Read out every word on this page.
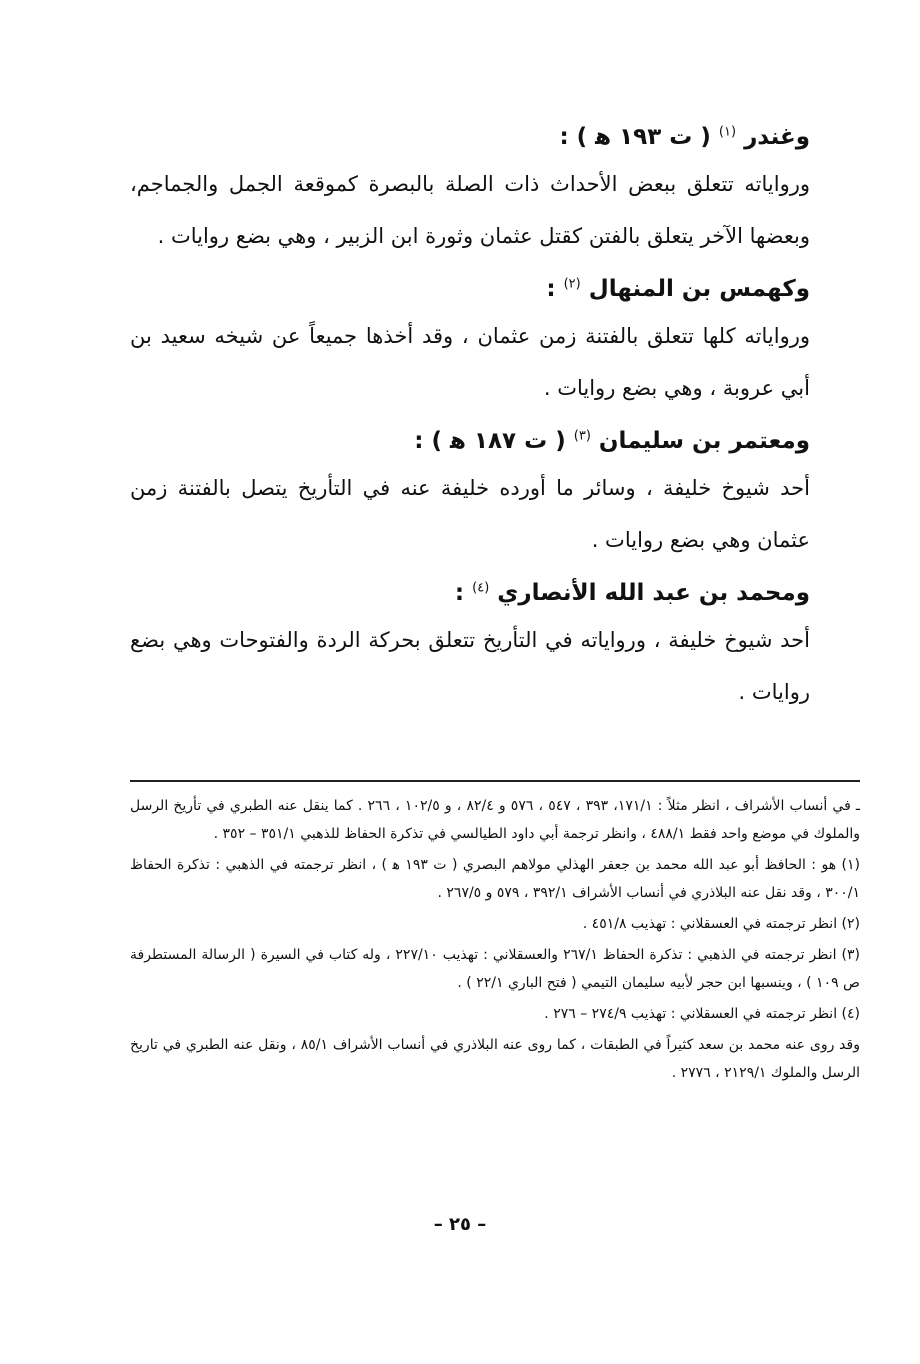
وغندر $^{(١)}$ ( ت ١٩٣ ﻫ ) :

ورواياته تتعلق ببعض الأحداث ذات الصلة بالبصرة كموقعة الجمل والجماجم، وبعضها الآخر يتعلق بالفتن كقتل عثمان وثورة ابن الزبير ، وهي بضع روايات .

وكهمس بن المنهال $^{(٢)}$ :

ورواياته كلها تتعلق بالفتنة زمن عثمان ، وقد أخذها جميعاً عن شيخه سعيد بن أبي عروبة ، وهي بضع روايات .

ومعتمر بن سليمان $^{(٣)}$ ( ت ١٨٧ ﻫ ) :

أحد شيوخ خليفة ، وسائر ما أورده خليفة عنه في التأريخ يتصل بالفتنة زمن عثمان وهي بضع روايات .

ومحمد بن عبد الله الأنصاري $^{(٤)}$ :

أحد شيوخ خليفة ، ورواياته في التأريخ تتعلق بحركة الردة والفتوحات وهي بضع روايات .

ـ في أنساب الأشراف ، انظر مثلاً : ١٧١/١، ٣٩٣ ، ٥٤٧ ، ٥٧٦ و ٨٢/٤ ، و ١٠٢/٥ ، ٢٦٦ . كما ينقل عنه الطبري في تأريخ الرسل والملوك في موضع واحد فقط ٤٨٨/١ ، وانظر ترجمة أبي داود الطيالسي في تذكرة الحفاظ للذهبي ٣٥١/١ – ٣٥٢ .

(١) هو : الحافظ أبو عبد الله محمد بن جعفر الهذلي مولاهم البصري ( ت ١٩٣ ﻫ ) ، انظر ترجمته في الذهبي : تذكرة الحفاظ ٣٠٠/١ ، وقد نقل عنه البلاذري في أنساب الأشراف ٣٩٢/١ ، ٥٧٩ و ٢٦٧/٥ .

(٢) انظر ترجمته في العسقلاني : تهذيب ٤٥١/٨ .

(٣) انظر ترجمته في الذهبي : تذكرة الحفاظ ٢٦٧/١ والعسقلاني : تهذيب ٢٢٧/١٠ ، وله كتاب في السيرة ( الرسالة المستطرفة ص ١٠٩ ) ، وينسبها ابن حجر لأبيه سليمان التيمي ( فتح الباري ٢٢/١ ) .

(٤) انظر ترجمته في العسقلاني : تهذيب ٢٧٤/٩ – ٢٧٦ .

وقد روى عنه محمد بن سعد كثيراً في الطبقات ، كما روى عنه البلاذري في أنساب الأشراف ٨٥/١ ، ونقل عنه الطبري في تاريخ الرسل والملوك ٢١٢٩/١ ، ٢٧٧٦ .

– ٢٥ –
